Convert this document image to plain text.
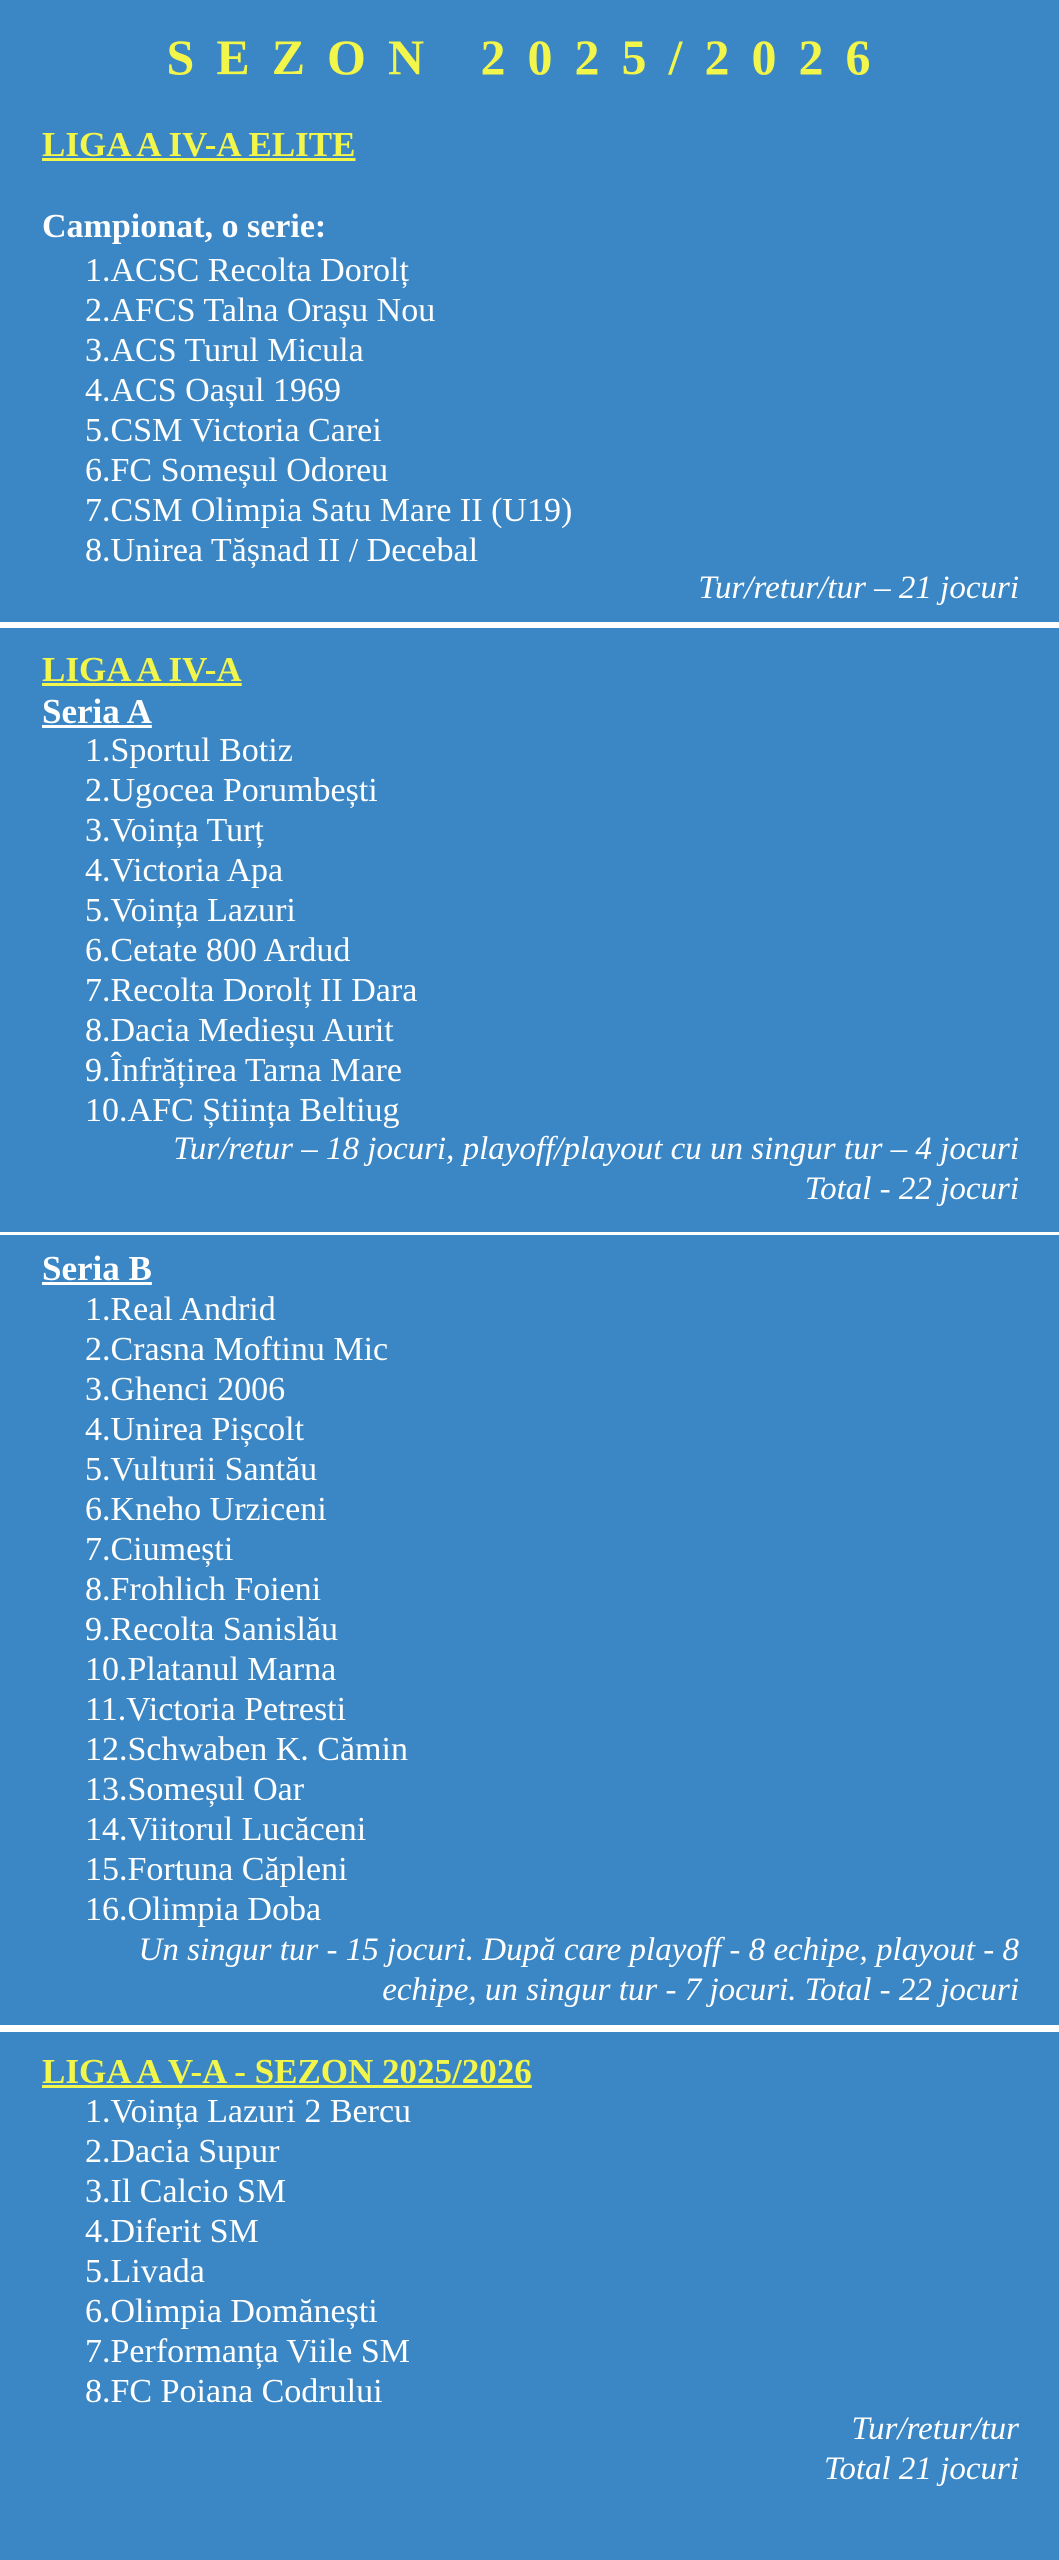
SEZON 2025/2026
LIGA A IV-A ELITE
Campionat, o serie:
1.ACSC Recolta Dorolț
2.AFCS Talna Orașu Nou
3.ACS Turul Micula
4.ACS Oașul 1969
5.CSM Victoria Carei
6.FC Someșul Odoreu
7.CSM Olimpia Satu Mare II (U19)
8.Unirea Tășnad II / Decebal
Tur/retur/tur – 21 jocuri
LIGA A IV-A
Seria A
1.Sportul Botiz
2.Ugocea Porumbești
3.Voința Turț
4.Victoria Apa
5.Voința Lazuri
6.Cetate 800 Ardud
7.Recolta Dorolț II Dara
8.Dacia Medieșu Aurit
9.Înfrățirea Tarna Mare
10.AFC Știința Beltiug
Tur/retur – 18 jocuri, playoff/playout cu un singur tur – 4 jocuri
Total - 22 jocuri
Seria B
1.Real Andrid
2.Crasna Moftinu Mic
3.Ghenci 2006
4.Unirea Pișcolt
5.Vulturii Santău
6.Kneho Urziceni
7.Ciumești
8.Frohlich Foieni
9.Recolta Sanislău
10.Platanul Marna
11.Victoria Petresti
12.Schwaben K. Cămin
13.Someșul Oar
14.Viitorul Lucăceni
15.Fortuna Căpleni
16.Olimpia Doba
Un singur tur - 15 jocuri. După care playoff - 8 echipe, playout - 8
echipe, un singur tur - 7 jocuri. Total - 22 jocuri
LIGA A V-A - SEZON 2025/2026
1.Voința Lazuri 2 Bercu
2.Dacia Supur
3.Il Calcio SM
4.Diferit SM
5.Livada
6.Olimpia Domănești
7.Performanța Viile SM
8.FC Poiana Codrului
Tur/retur/tur
Total 21 jocuri
